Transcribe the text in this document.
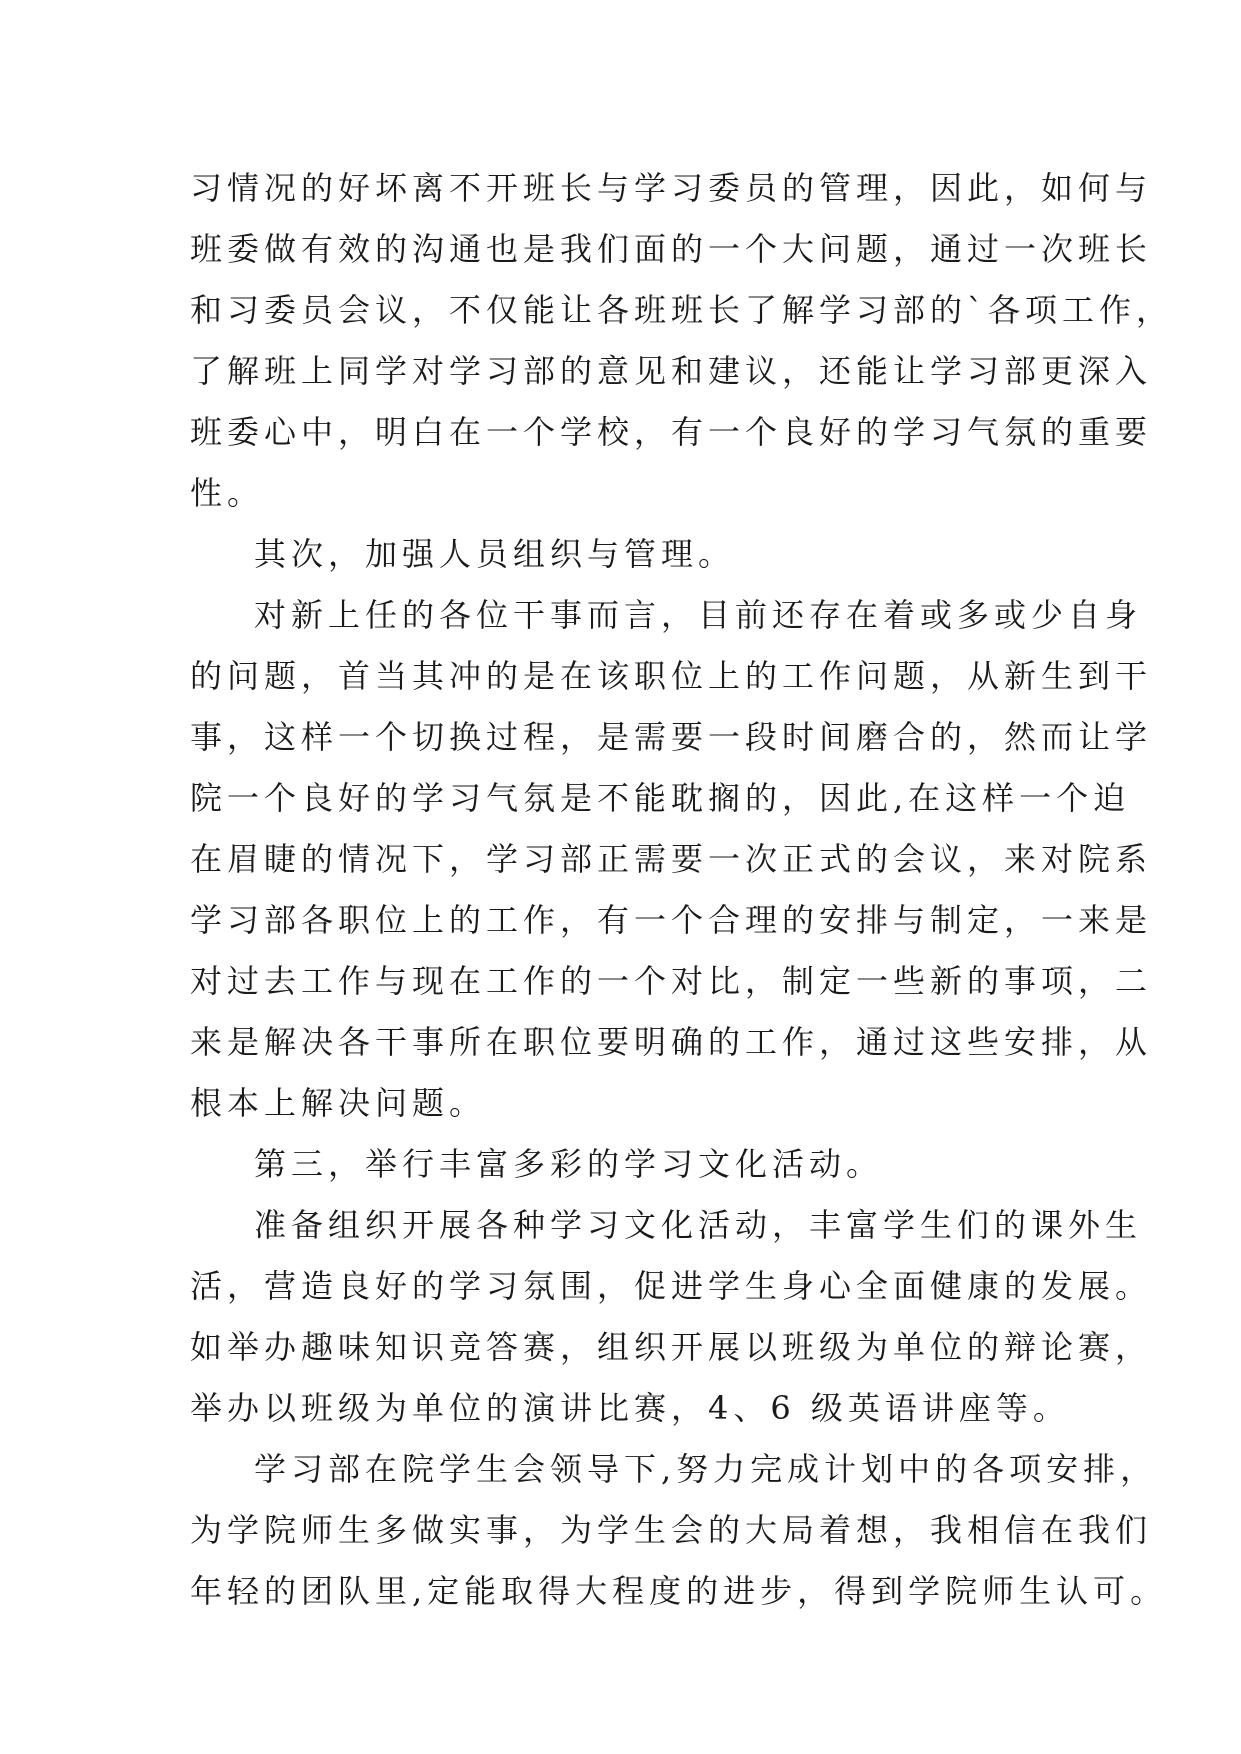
习情况的好坏离不开班长与学习委员的管理，因此，如何与
班委做有效的沟通也是我们面的一个大问题，通过一次班长
和习委员会议，不仅能让各班班长了解学习部的`各项工作，
了解班上同学对学习部的意见和建议，还能让学习部更深入
班委心中，明白在一个学校，有一个良好的学习气氛的重要
性。
其次，加强人员组织与管理。
对新上任的各位干事而言，目前还存在着或多或少自身
的问题，首当其冲的是在该职位上的工作问题，从新生到干
事，这样一个切换过程，是需要一段时间磨合的，然而让学
院一个良好的学习气氛是不能耽搁的，因此,在这样一个迫
在眉睫的情况下，学习部正需要一次正式的会议，来对院系
学习部各职位上的工作，有一个合理的安排与制定，一来是
对过去工作与现在工作的一个对比，制定一些新的事项，二
来是解决各干事所在职位要明确的工作，通过这些安排，从
根本上解决问题。
第三，举行丰富多彩的学习文化活动。
准备组织开展各种学习文化活动，丰富学生们的课外生
活，营造良好的学习氛围，促进学生身心全面健康的发展。
如举办趣味知识竞答赛，组织开展以班级为单位的辩论赛，
举办以班级为单位的演讲比赛，4、6 级英语讲座等。
学习部在院学生会领导下,努力完成计划中的各项安排，
为学院师生多做实事，为学生会的大局着想，我相信在我们
年轻的团队里,定能取得大程度的进步，得到学院师生认可。
